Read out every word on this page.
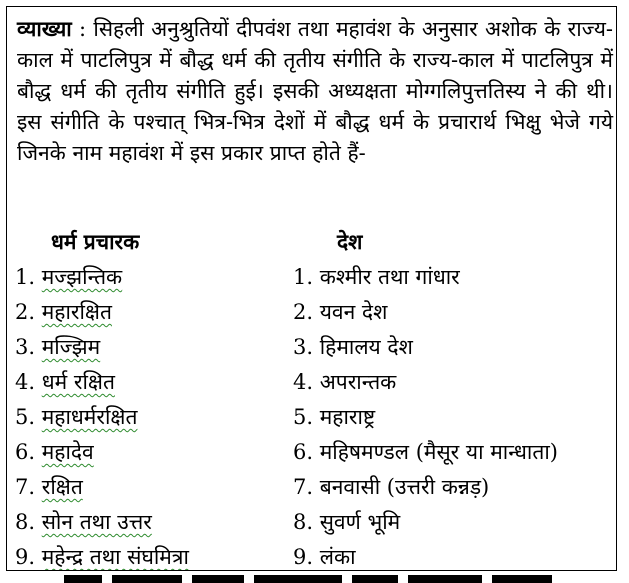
व्याख्या : सिहली अनुश्रुतियों दीपवंश तथा महावंश के अनुसार अशोक के राज्य-काल में पाटलिपुत्र में बौद्ध धर्म की तृतीय संगीति के राज्य-काल में पाटलिपुत्र में बौद्ध धर्म की तृतीय संगीति हुई। इसकी अध्यक्षता मोग्गलिपुत्ततिस्य ने की थी। इस संगीति के पश्चात् भित्र-भित्र देशों में बौद्ध धर्म के प्रचारार्थ भिक्षु भेजे गये जिनके नाम महावंश में इस प्रकार प्राप्त होते हैं-
धर्म प्रचारक	देश
1. मज्झन्तिक	1. कश्मीर तथा गांधार
2. महारक्षित	2. यवन देश
3. मज्झिम	3. हिमालय देश
4. धर्म रक्षित	4. अपरान्तक
5. महाधर्मरक्षित	5. महाराष्ट्र
6. महादेव	6. महिषमण्डल (मैसूर या मान्धाता)
7. रक्षित	7. बनवासी (उत्तरी कन्नड़)
8. सोन तथा उत्तर	8. सुवर्ण भूमि
9. महेन्द्र तथा संघमित्रा	9. लंका
